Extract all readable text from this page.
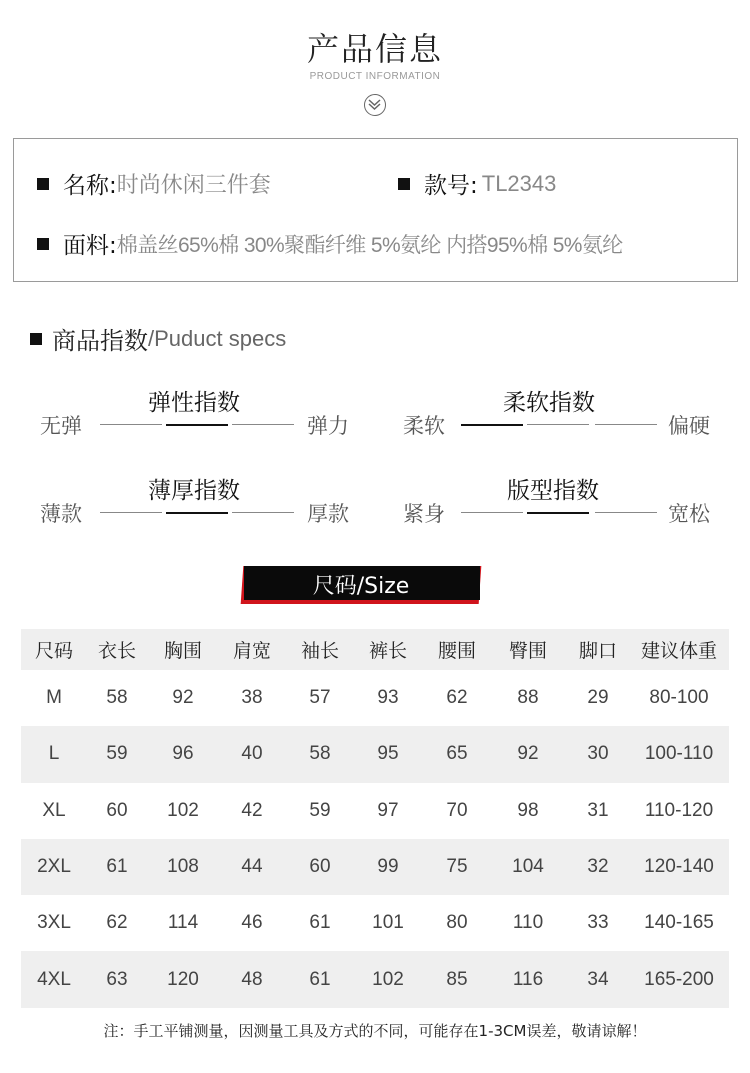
产品信息
PRODUCT INFORMATION
名称: 时尚休闲三件套	款号: TL2343
面料: 棉盖丝65%棉 30%聚酯纤维 5%氨纶 内搭95%棉 5%氨纶
商品指数 /Puduct specs
弹性指数
无弹	弹力
柔软指数
柔软	偏硬
薄厚指数
薄款	厚款
版型指数
紧身	宽松
尺码/Size
尺码	衣长	胸围	肩宽	袖长	裤长	腰围	臀围	脚口	建议体重
M	58	92	38	57	93	62	88	29	80-100
L	59	96	40	58	95	65	92	30	100-110
XL	60	102	42	59	97	70	98	31	110-120
2XL	61	108	44	60	99	75	104	32	120-140
3XL	62	114	46	61	101	80	110	33	140-165
4XL	63	120	48	61	102	85	116	34	165-200
注：手工平铺测量，因测量工具及方式的不同，可能存在1-3CM误差，敬请谅解！
